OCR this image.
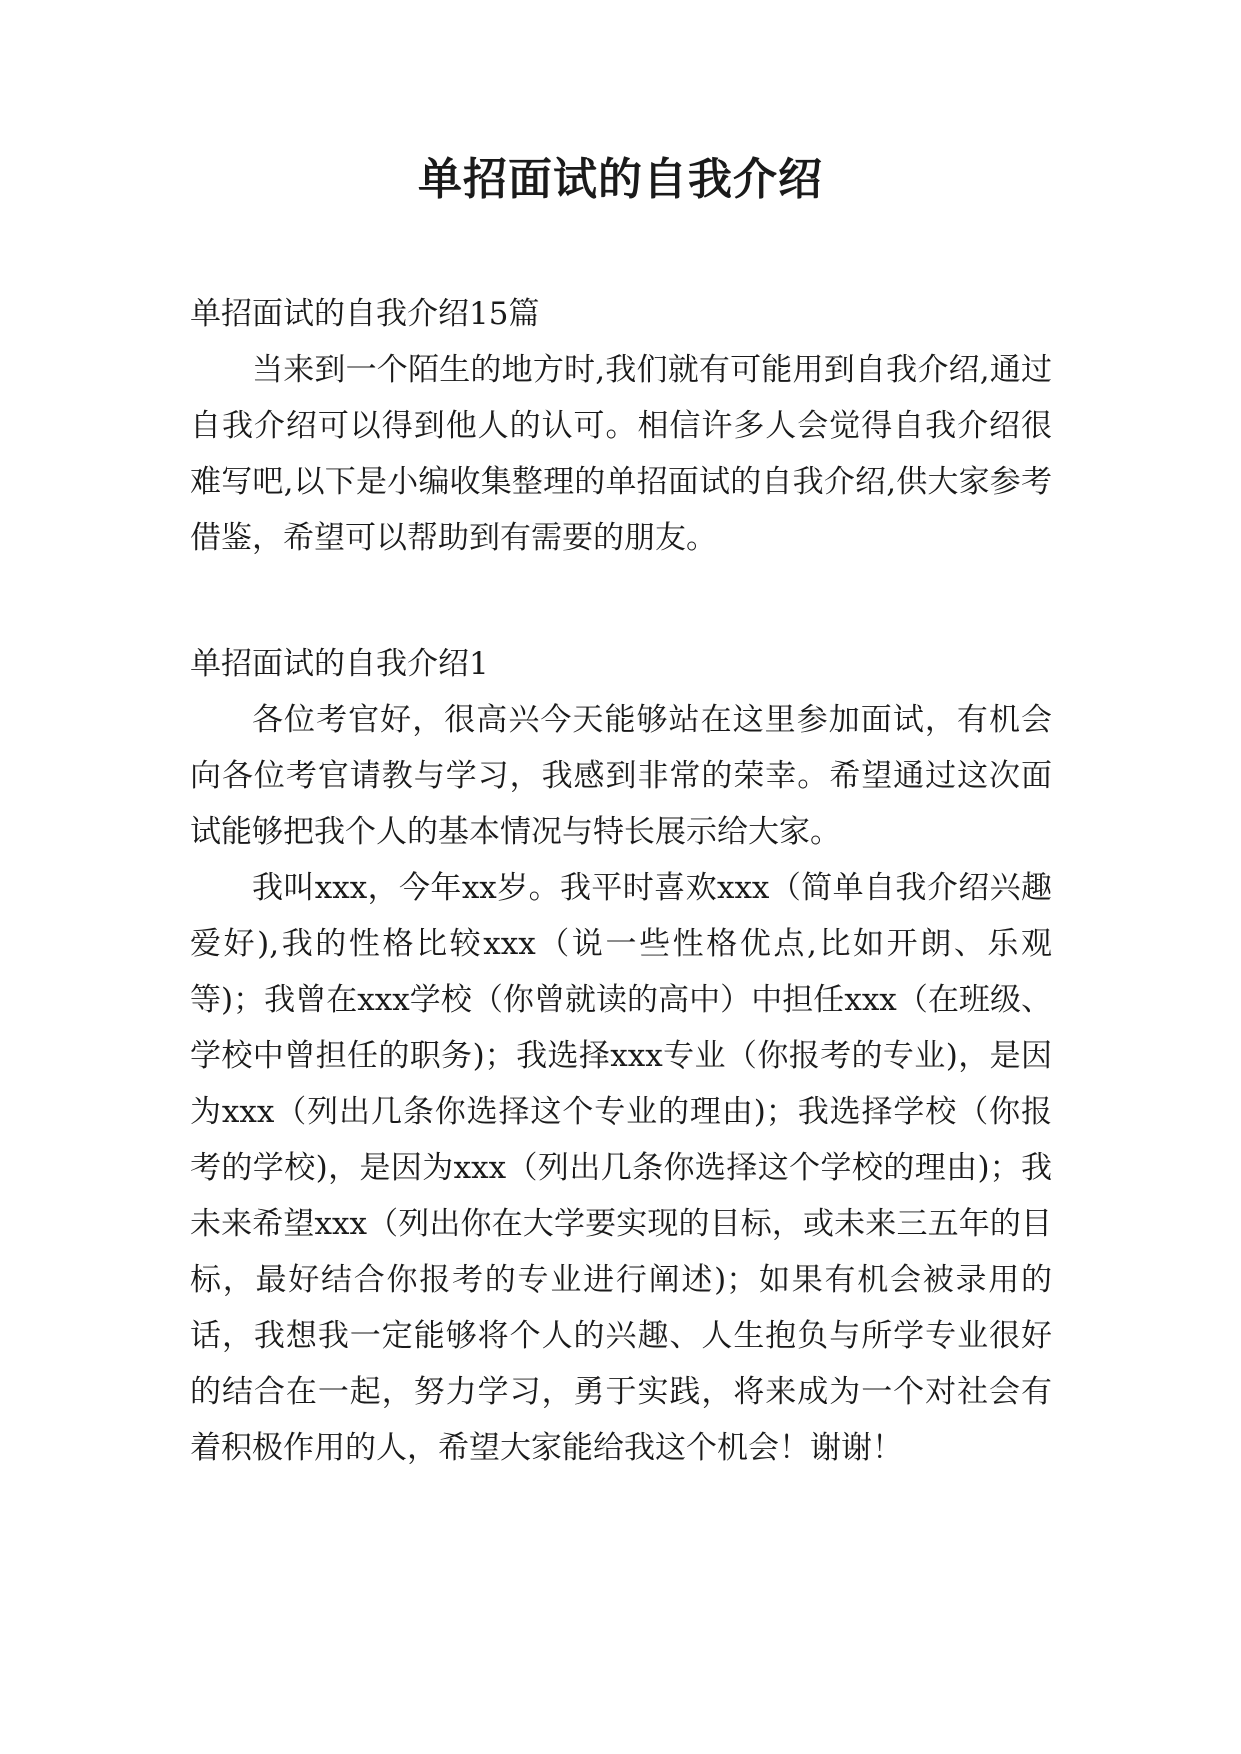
单招面试的自我介绍

单招面试的自我介绍15篇

当来到一个陌生的地方时,我们就有可能用到自我介绍,通过自我介绍可以得到他人的认可。相信许多人会觉得自我介绍很难写吧,以下是小编收集整理的单招面试的自我介绍,供大家参考借鉴，希望可以帮助到有需要的朋友。

单招面试的自我介绍1

各位考官好，很高兴今天能够站在这里参加面试，有机会向各位考官请教与学习，我感到非常的荣幸。希望通过这次面试能够把我个人的基本情况与特长展示给大家。

我叫xxx，今年xx岁。我平时喜欢xxx（简单自我介绍兴趣爱好),我的性格比较xxx（说一些性格优点,比如开朗、乐观等)；我曾在xxx学校（你曾就读的高中）中担任xxx（在班级、学校中曾担任的职务)；我选择xxx专业（你报考的专业)，是因为xxx（列出几条你选择这个专业的理由)；我选择学校（你报考的学校)，是因为xxx（列出几条你选择这个学校的理由)；我未来希望xxx（列出你在大学要实现的目标，或未来三五年的目标，最好结合你报考的专业进行阐述)；如果有机会被录用的话，我想我一定能够将个人的兴趣、人生抱负与所学专业很好的结合在一起，努力学习，勇于实践，将来成为一个对社会有着积极作用的人，希望大家能给我这个机会！谢谢！
